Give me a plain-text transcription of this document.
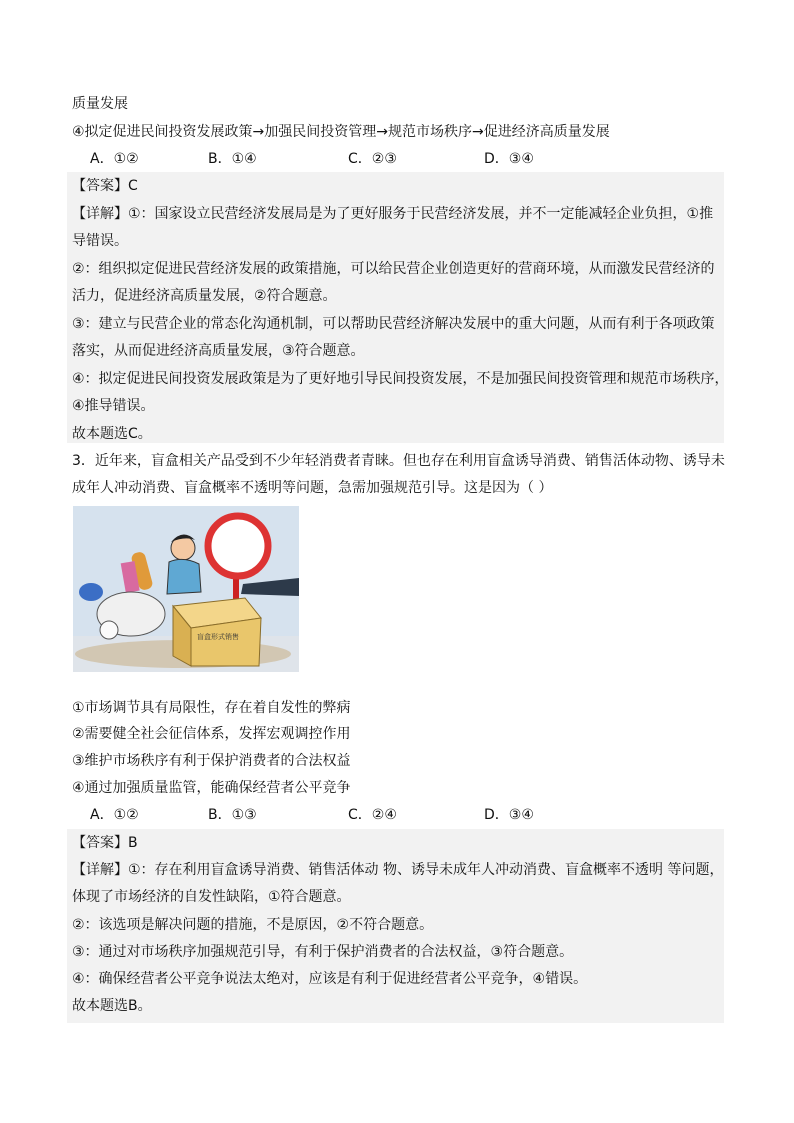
质量发展
④拟定促进民间投资发展政策→加强民间投资管理→规范市场秩序→促进经济高质量发展
A．①②	B．①④	C．②③	D．③④
【答案】C
【详解】①：国家设立民营经济发展局是为了更好服务于民营经济发展，并不一定能减轻企业负担，①推
导错误。
②：组织拟定促进民营经济发展的政策措施，可以给民营企业创造更好的营商环境，从而激发民营经济的
活力，促进经济高质量发展，②符合题意。
③：建立与民营企业的常态化沟通机制，可以帮助民营经济解决发展中的重大问题，从而有利于各项政策
落实，从而促进经济高质量发展，③符合题意。
④：拟定促进民间投资发展政策是为了更好地引导民间投资发展，不是加强民间投资管理和规范市场秩序，
④推导错误。
故本题选C。
3．近年来，盲盒相关产品受到不少年轻消费者青睐。但也存在利用盲盒诱导消费、销售活体动物、诱导未
成年人冲动消费、盲盒概率不透明等问题，急需加强规范引导。这是因为（ ）
盲盒形式销售
①市场调节具有局限性，存在着自发性的弊病
②需要健全社会征信体系，发挥宏观调控作用
③维护市场秩序有利于保护消费者的合法权益
④通过加强质量监管，能确保经营者公平竞争
A．①②	B．①③	C．②④	D．③④
【答案】B
【详解】①：存在利用盲盒诱导消费、销售活体动 物、诱导未成年人冲动消费、盲盒概率不透明 等问题，
体现了市场经济的自发性缺陷，①符合题意。
②：该选项是解决问题的措施，不是原因，②不符合题意。
③：通过对市场秩序加强规范引导，有利于保护消费者的合法权益，③符合题意。
④：确保经营者公平竞争说法太绝对，应该是有利于促进经营者公平竞争，④错误。
故本题选B。
